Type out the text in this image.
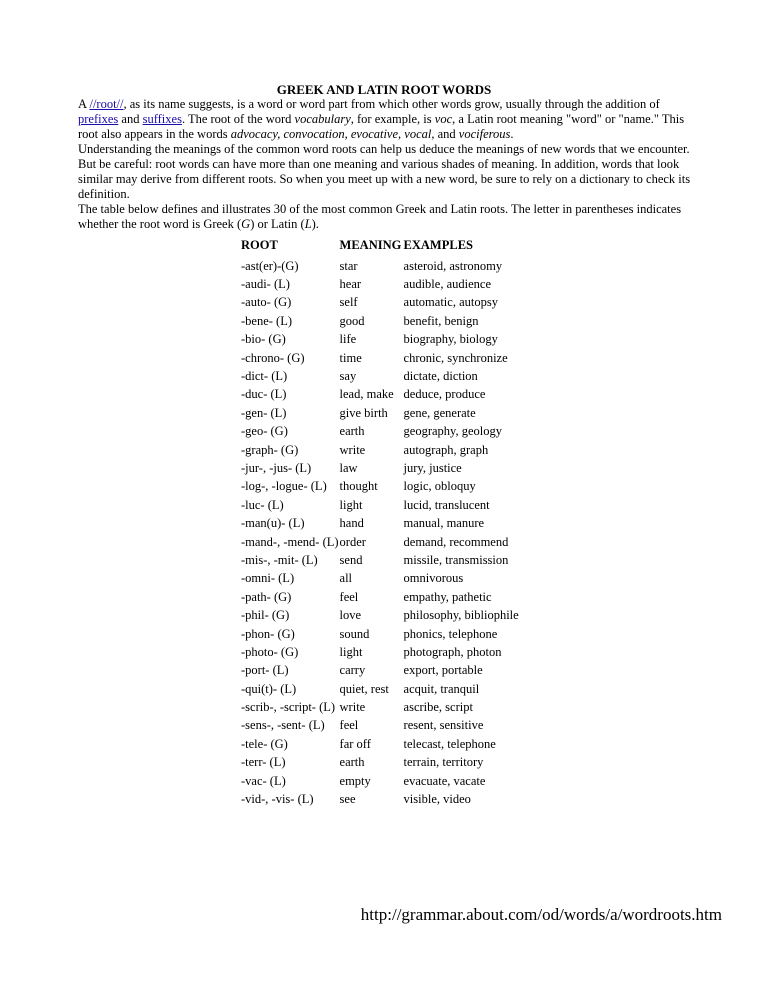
GREEK AND LATIN ROOT WORDS

A //root//, as its name suggests, is a word or word part from which other words grow, usually through the addition of prefixes and suffixes. The root of the word vocabulary, for example, is voc, a Latin root meaning "word" or "name." This root also appears in the words advocacy, convocation, evocative, vocal, and vociferous.

Understanding the meanings of the common word roots can help us deduce the meanings of new words that we encounter. But be careful: root words can have more than one meaning and various shades of meaning. In addition, words that look similar may derive from different roots. So when you meet up with a new word, be sure to rely on a dictionary to check its definition.

The table below defines and illustrates 30 of the most common Greek and Latin roots. The letter in parentheses indicates whether the root word is Greek (G) or Latin (L).

ROOT	MEANING	EXAMPLES
-ast(er)-(G)	star	asteroid, astronomy
-audi- (L)	hear	audible, audience
-auto- (G)	self	automatic, autopsy
-bene- (L)	good	benefit, benign
-bio- (G)	life	biography, biology
-chrono- (G)	time	chronic, synchronize
-dict- (L)	say	dictate, diction
-duc- (L)	lead, make	deduce, produce
-gen- (L)	give birth	gene, generate
-geo- (G)	earth	geography, geology
-graph- (G)	write	autograph, graph
-jur-, -jus- (L)	law	jury, justice
-log-, -logue- (L)	thought	logic, obloquy
-luc- (L)	light	lucid, translucent
-man(u)- (L)	hand	manual, manure
-mand-, -mend- (L)	order	demand, recommend
-mis-, -mit- (L)	send	missile, transmission
-omni- (L)	all	omnivorous
-path- (G)	feel	empathy, pathetic
-phil- (G)	love	philosophy, bibliophile
-phon- (G)	sound	phonics, telephone
-photo- (G)	light	photograph, photon
-port- (L)	carry	export, portable
-qui(t)- (L)	quiet, rest	acquit, tranquil
-scrib-, -script- (L)	write	ascribe, script
-sens-, -sent- (L)	feel	resent, sensitive
-tele- (G)	far off	telecast, telephone
-terr- (L)	earth	terrain, territory
-vac- (L)	empty	evacuate, vacate
-vid-, -vis- (L)	see	visible, video
http://grammar.about.com/od/words/a/wordroots.htm
